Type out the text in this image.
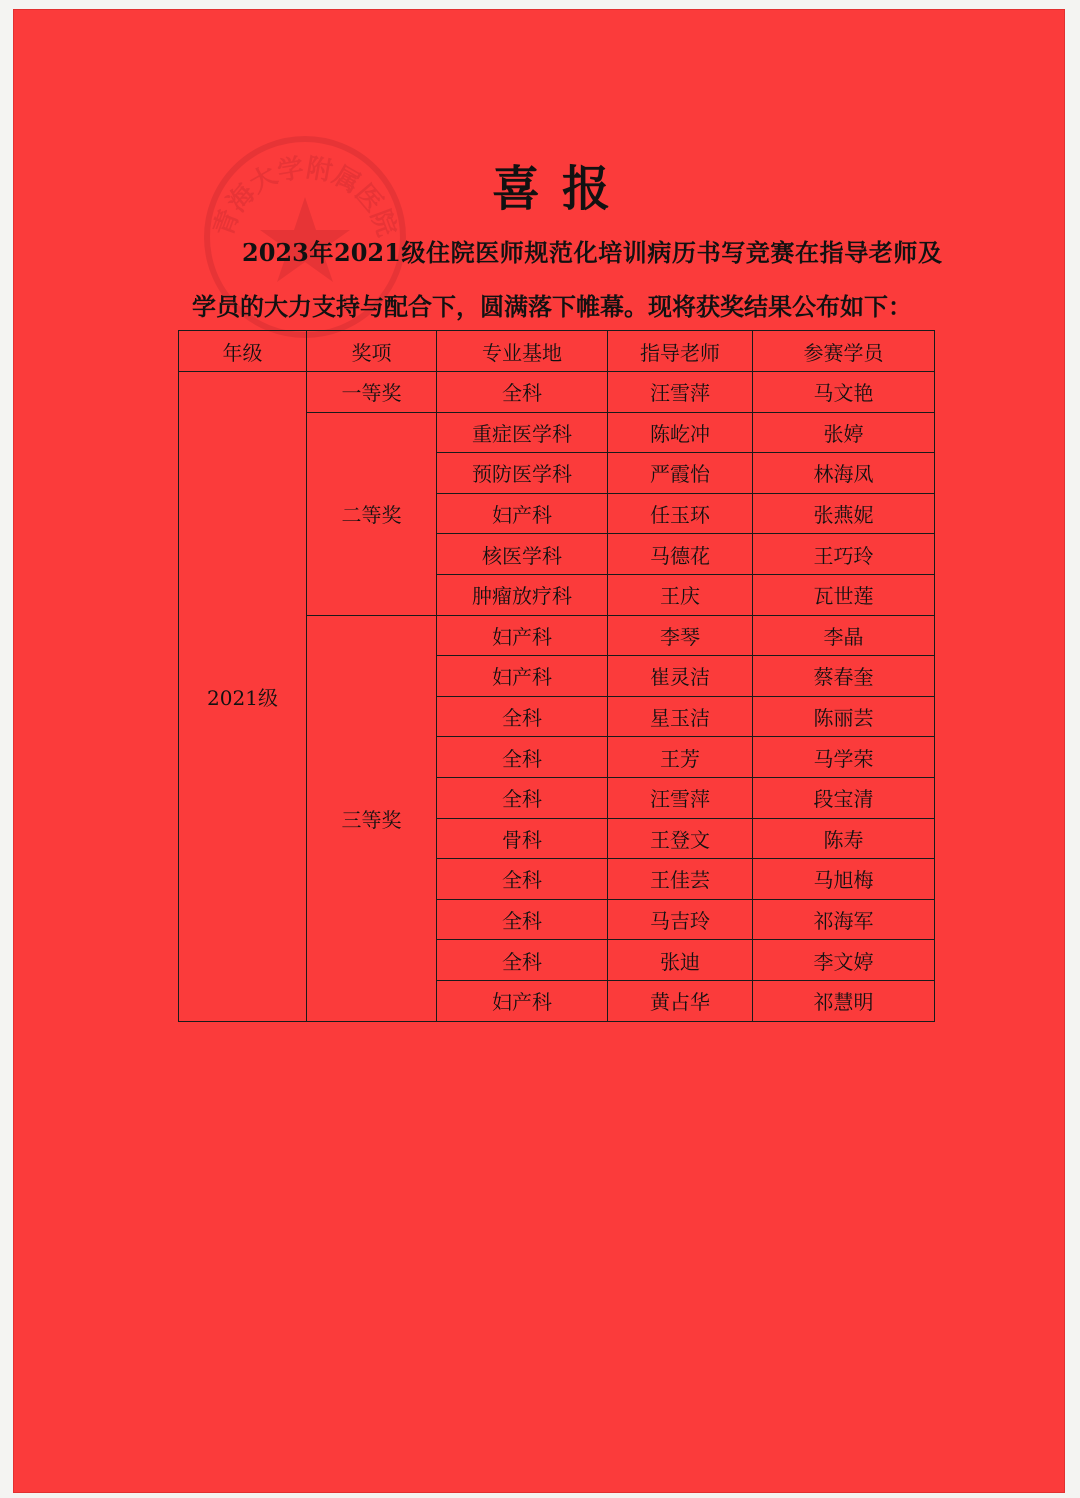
青海大学附属医院
喜报
2023年2021级住院医师规范化培训病历书写竞赛在指导老师及学员的大力支持与配合下，圆满落下帷幕。现将获奖结果公布如下：
年级	奖项	专业基地	指导老师	参赛学员
2021级	一等奖	全科	汪雪萍	马文艳
	二等奖	重症医学科	陈屹冲	张婷
		预防医学科	严霞怡	林海凤
		妇产科	任玉环	张燕妮
		核医学科	马德花	王巧玲
		肿瘤放疗科	王庆	瓦世莲
	三等奖	妇产科	李琴	李晶
		妇产科	崔灵洁	蔡春奎
		全科	星玉洁	陈丽芸
		全科	王芳	马学荣
		全科	汪雪萍	段宝清
		骨科	王登文	陈寿
		全科	王佳芸	马旭梅
		全科	马吉玲	祁海军
		全科	张迪	李文婷
		妇产科	黄占华	祁慧明
